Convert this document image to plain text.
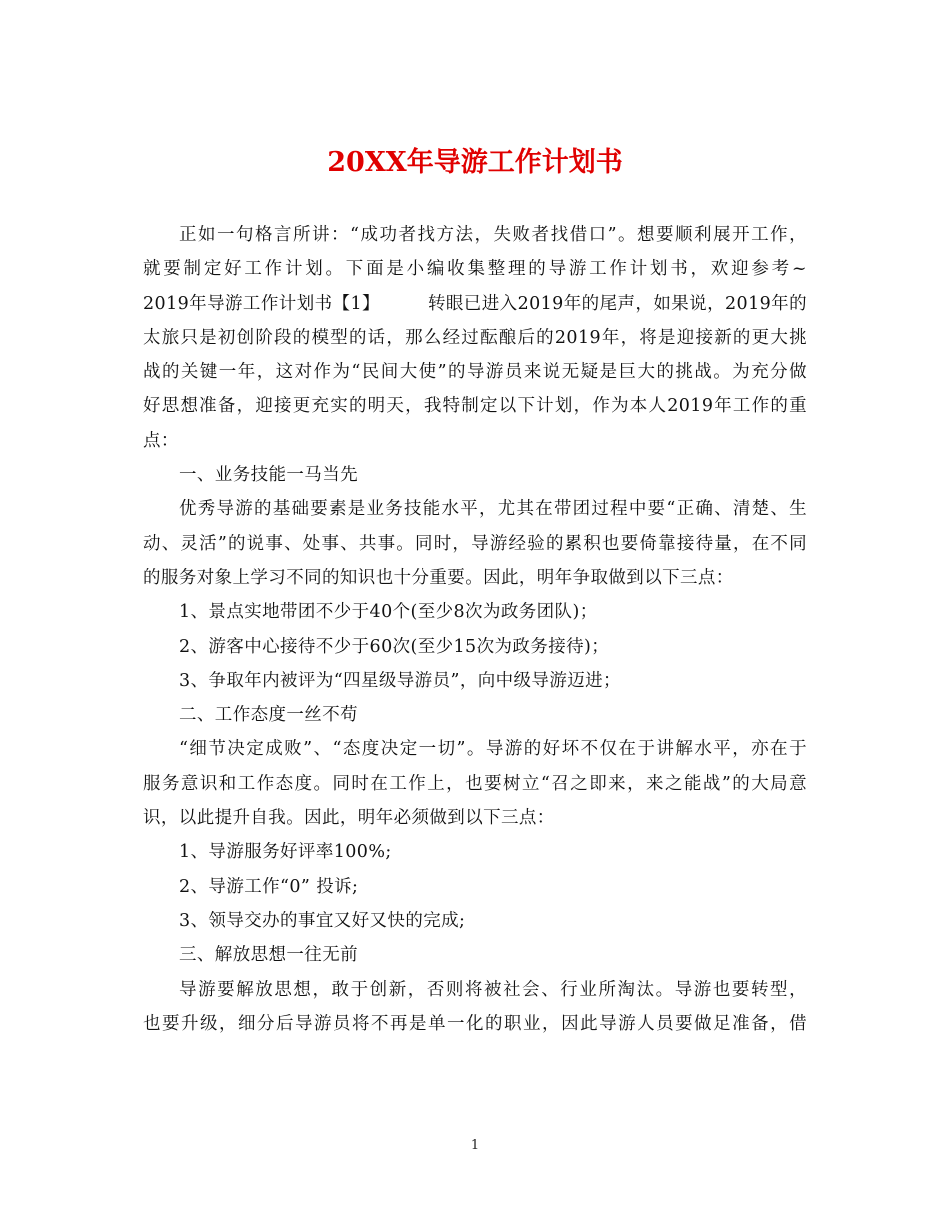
20XX年导游工作计划书
正如一句格言所讲：“成功者找方法，失败者找借口”。想要顺利展开工作，
就要制定好工作计划。下面是小编收集整理的导游工作计划书，欢迎参考~
2019年导游工作计划书【1】	转眼已进入2019年的尾声，如果说，2019年的
太旅只是初创阶段的模型的话，那么经过酝酿后的2019年，将是迎接新的更大挑
战的关键一年，这对作为“民间大使”的导游员来说无疑是巨大的挑战。为充分做
好思想准备，迎接更充实的明天，我特制定以下计划，作为本人2019年工作的重
点：
一、业务技能一马当先
优秀导游的基础要素是业务技能水平，尤其在带团过程中要“正确、清楚、生
动、灵活”的说事、处事、共事。同时，导游经验的累积也要倚靠接待量，在不同
的服务对象上学习不同的知识也十分重要。因此，明年争取做到以下三点：
1、景点实地带团不少于40个(至少8次为政务团队)；
2、游客中心接待不少于60次(至少15次为政务接待)；
3、争取年内被评为“四星级导游员”，向中级导游迈进；
二、工作态度一丝不苟
“细节决定成败”、“态度决定一切”。导游的好坏不仅在于讲解水平，亦在于
服务意识和工作态度。同时在工作上，也要树立“召之即来，来之能战”的大局意
识，以此提升自我。因此，明年必须做到以下三点：
1、导游服务好评率100%;
2、导游工作“0” 投诉;
3、领导交办的事宜又好又快的完成;
三、解放思想一往无前
导游要解放思想，敢于创新，否则将被社会、行业所淘汰。导游也要转型，
也要升级，细分后导游员将不再是单一化的职业，因此导游人员要做足准备，借
1
